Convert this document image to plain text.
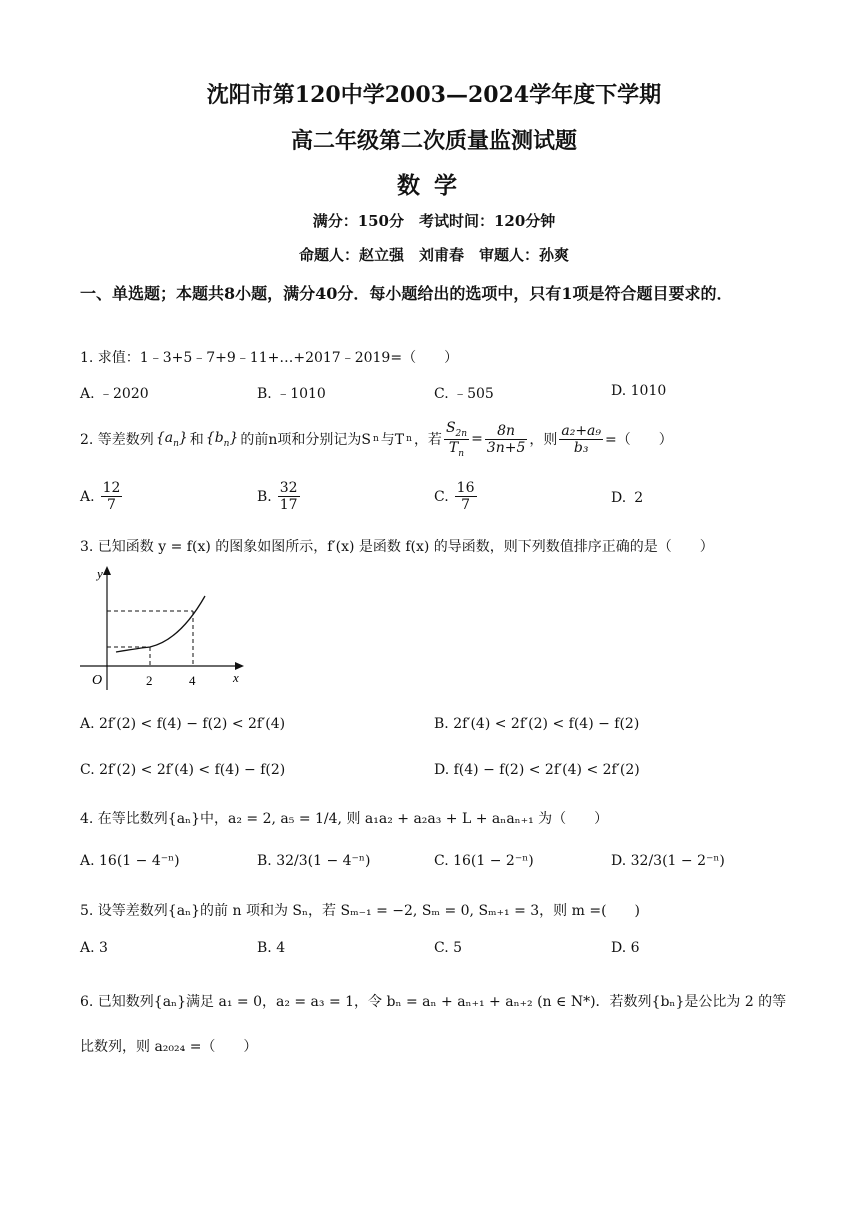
沈阳市第120中学2003—2024学年度下学期
高二年级第二次质量监测试题
数学
满分：150分　考试时间：120分钟
命题人：赵立强　刘甫春　审题人：孙爽
一、单选题；本题共8小题，满分40分．每小题给出的选项中，只有1项是符合题目要求的．
1. 求值：1﹣3+5﹣7+9﹣11+…+2017﹣2019=（　　）
A. ﹣2020	B. ﹣1010	C. ﹣505	D. 1010
2. 等差数列 $\{a_n\}$ 和 $\{b_n\}$ 的前n项和分别记为S n 与T n ，若 $\frac{S_{2n}}{T_n} = \frac{8n}{3n+5}$ ，则 $\frac{\text{a₂+a₉}}{\text{b₃}}$ =（　　）
A. $\frac{12}{7}$	B. $\frac{32}{17}$	C. $\frac{16}{7}$	D. 2
3. 已知函数 y = f(x) 的图象如图所示，f′(x) 是函数 f(x) 的导函数，则下列数值排序正确的是（　　）
y
x
O	2	4
A. 2f′(2) < f(4) − f(2) < 2f′(4)	B. 2f′(4) < 2f′(2) < f(4) − f(2)
C. 2f′(2) < 2f′(4) < f(4) − f(2)	D. f(4) − f(2) < 2f′(4) < 2f′(2)
4. 在等比数列{aₙ}中，a₂ = 2, a₅ = 1/4, 则 a₁a₂ + a₂a₃ + L + aₙaₙ₊₁ 为（　　）
A. 16(1 − 4⁻ⁿ)	B. 32/3(1 − 4⁻ⁿ)	C. 16(1 − 2⁻ⁿ)	D. 32/3(1 − 2⁻ⁿ)
5. 设等差数列{aₙ}的前 n 项和为 Sₙ，若 Sₘ₋₁ = −2, Sₘ = 0, Sₘ₊₁ = 3，则 m =(　　)
A. 3	B. 4	C. 5	D. 6
6. 已知数列{aₙ}满足 a₁ = 0，a₂ = a₃ = 1，令 bₙ = aₙ + aₙ₊₁ + aₙ₊₂ (n ∈ N*)．若数列{bₙ}是公比为 2 的等
比数列，则 a₂₀₂₄ =（　　）
